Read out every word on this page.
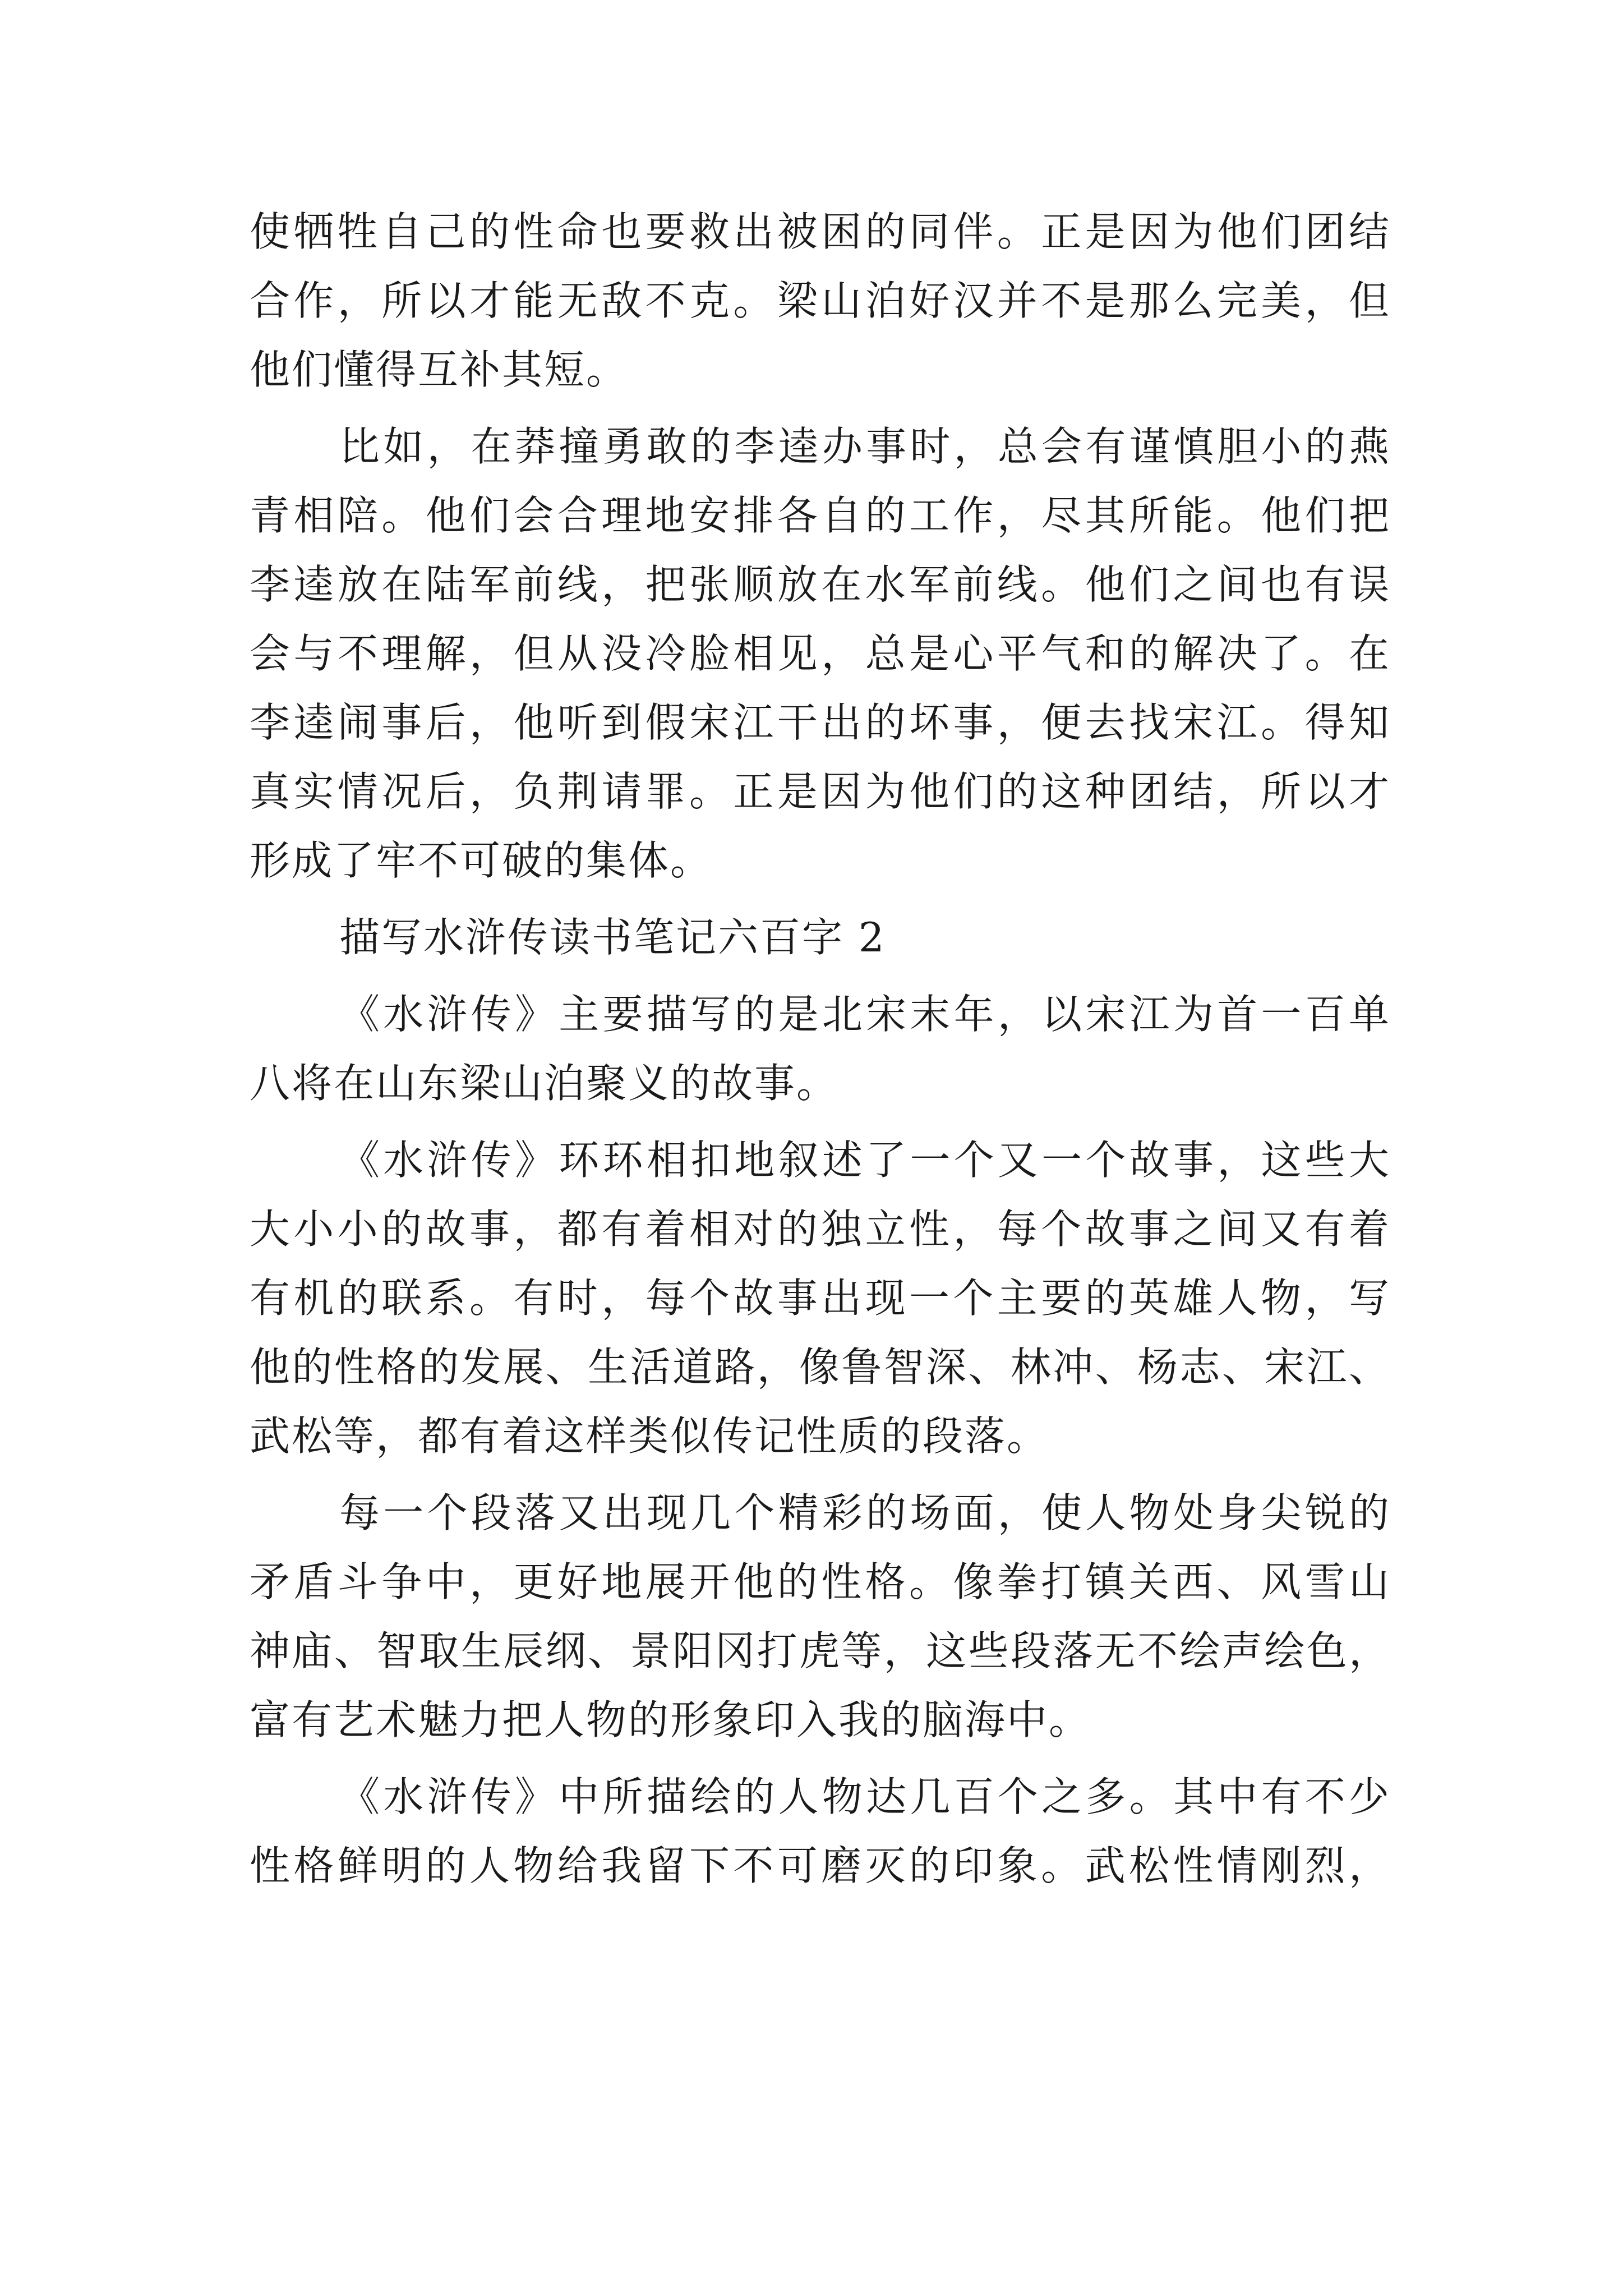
使牺牲自己的性命也要救出被困的同伴。正是因为他们团结
合作，所以才能无敌不克。梁山泊好汉并不是那么完美，但
他们懂得互补其短。
比如，在莽撞勇敢的李逵办事时，总会有谨慎胆小的燕
青相陪。他们会合理地安排各自的工作，尽其所能。他们把
李逵放在陆军前线，把张顺放在水军前线。他们之间也有误
会与不理解，但从没冷脸相见，总是心平气和的解决了。在
李逵闹事后，他听到假宋江干出的坏事，便去找宋江。得知
真实情况后，负荆请罪。正是因为他们的这种团结，所以才
形成了牢不可破的集体。
描写水浒传读书笔记六百字 2
《水浒传》主要描写的是北宋末年，以宋江为首一百单
八将在山东梁山泊聚义的故事。
《水浒传》环环相扣地叙述了一个又一个故事，这些大
大小小的故事，都有着相对的独立性，每个故事之间又有着
有机的联系。有时，每个故事出现一个主要的英雄人物，写
他的性格的发展、生活道路，像鲁智深、林冲、杨志、宋江、
武松等，都有着这样类似传记性质的段落。
每一个段落又出现几个精彩的场面，使人物处身尖锐的
矛盾斗争中，更好地展开他的性格。像拳打镇关西、风雪山
神庙、智取生辰纲、景阳冈打虎等，这些段落无不绘声绘色，
富有艺术魅力把人物的形象印入我的脑海中。
《水浒传》中所描绘的人物达几百个之多。其中有不少
性格鲜明的人物给我留下不可磨灭的印象。武松性情刚烈，
